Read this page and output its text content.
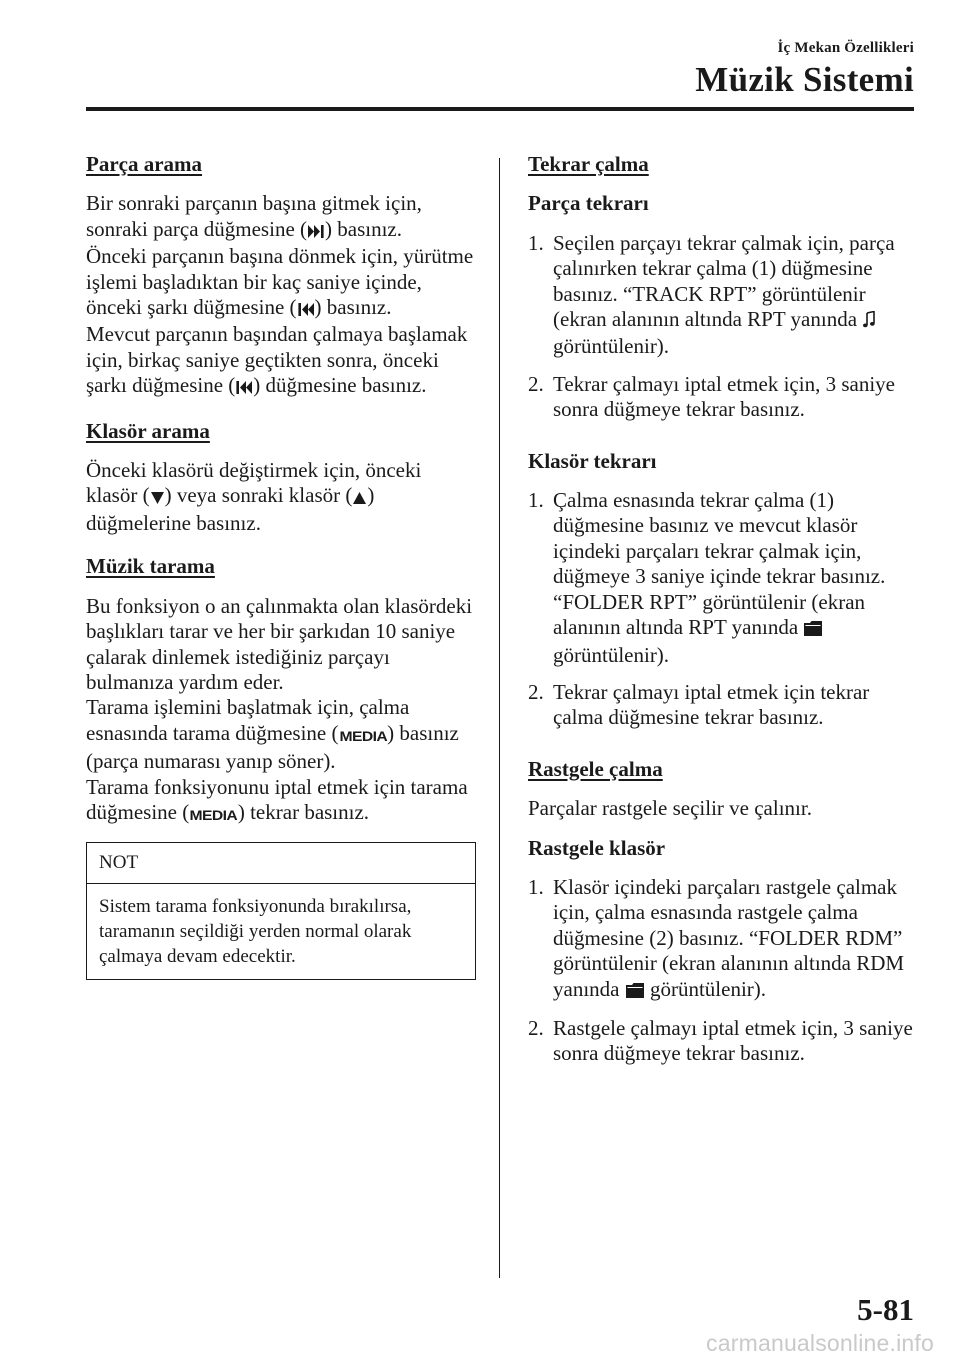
İç Mekan Özellikleri
Müzik Sistemi
Parça arama

Bir sonraki parçanın başına gitmek için, sonraki parça düğmesine ( ) basınız.

Önceki parçanın başına dönmek için, yürütme işlemi başladıktan bir kaç saniye içinde, önceki şarkı düğmesine ( ) basınız.

Mevcut parçanın başından çalmaya başlamak için, birkaç saniye geçtikten sonra, önceki şarkı düğmesine ( ) düğmesine basınız.

Klasör arama

Önceki klasörü değiştirmek için, önceki klasör ( ) veya sonraki klasör ( ) düğmelerine basınız.

Müzik tarama

Bu fonksiyon o an çalınmakta olan klasördeki başlıkları tarar ve her bir şarkıdan 10 saniye çalarak dinlemek istediğiniz parçayı bulmanıza yardım eder.

Tarama işlemini başlatmak için, çalma esnasında tarama düğmesine (MEDIA) basınız (parça numarası yanıp söner).

Tarama fonksiyonunu iptal etmek için tarama düğmesine (MEDIA) tekrar basınız.

NOT
Sistem tarama fonksiyonunda bırakılırsa, taramanın seçildiği yerden normal olarak çalmaya devam edecektir.
Tekrar çalma
Parça tekrarı
1. Seçilen parçayı tekrar çalmak için, parça çalınırken tekrar çalma (1) düğmesine basınız. “TRACK RPT” görüntülenir (ekran alanının altında RPT yanında  görüntülenir).
2. Tekrar çalmayı iptal etmek için, 3 saniye sonra düğmeye tekrar basınız.
Klasör tekrarı
1. Çalma esnasında tekrar çalma (1) düğmesine basınız ve mevcut klasör içindeki parçaları tekrar çalmak için, düğmeye 3 saniye içinde tekrar basınız. “FOLDER RPT” görüntülenir (ekran alanının altında RPT yanında  görüntülenir).
2. Tekrar çalmayı iptal etmek için tekrar çalma düğmesine tekrar basınız.
Rastgele çalma

Parçalar rastgele seçilir ve çalınır.

Rastgele klasör
1. Klasör içindeki parçaları rastgele çalmak için, çalma esnasında rastgele çalma düğmesine (2) basınız. “FOLDER RDM” görüntülenir (ekran alanının altında RDM yanında  görüntülenir).
2. Rastgele çalmayı iptal etmek için, 3 saniye sonra düğmeye tekrar basınız.
5-81
carmanualsonline.info
